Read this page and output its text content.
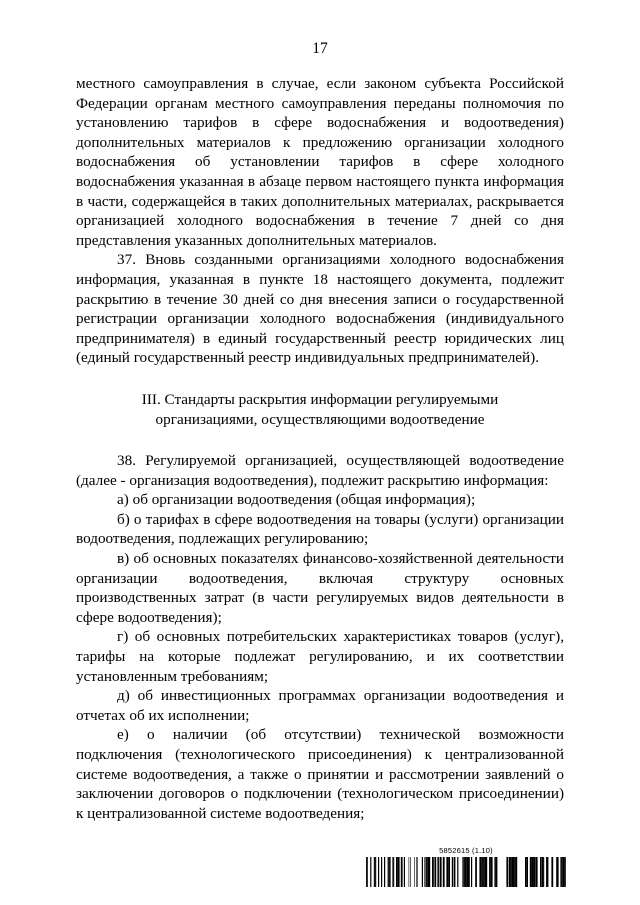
17

местного самоуправления в случае, если законом субъекта Российской Федерации органам местного самоуправления переданы полномочия по установлению тарифов в сфере водоснабжения и водоотведения) дополнительных материалов к предложению организации холодного водоснабжения об установлении тарифов в сфере холодного водоснабжения указанная в абзаце первом настоящего пункта информация в части, содержащейся в таких дополнительных материалах, раскрывается организацией холодного водоснабжения в течение 7 дней со дня представления указанных дополнительных материалов.

37. Вновь созданными организациями холодного водоснабжения информация, указанная в пункте 18 настоящего документа, подлежит раскрытию в течение 30 дней со дня внесения записи о государственной регистрации организации холодного водоснабжения (индивидуального предпринимателя) в единый государственный реестр юридических лиц (единый государственный реестр индивидуальных предпринимателей).

III. Стандарты раскрытия информации регулируемыми
организациями, осуществляющими водоотведение

38. Регулируемой организацией, осуществляющей водоотведение (далее - организация водоотведения), подлежит раскрытию информация:

а) об организации водоотведения (общая информация);

б) о тарифах в сфере водоотведения на товары (услуги) организации водоотведения, подлежащих регулированию;

в) об основных показателях финансово-хозяйственной деятельности организации водоотведения, включая структуру основных производственных затрат (в части регулируемых видов деятельности в сфере водоотведения);

г) об основных потребительских характеристиках товаров (услуг), тарифы на которые подлежат регулированию, и их соответствии установленным требованиям;

д) об инвестиционных программах организации водоотведения и отчетах об их исполнении;

е) о наличии (об отсутствии) технической возможности подключения (технологического присоединения) к централизованной системе водоотведения, а также о принятии и рассмотрении заявлений о заключении договоров о подключении (технологическом присоединении) к централизованной системе водоотведения;

5852615 (1.10)
